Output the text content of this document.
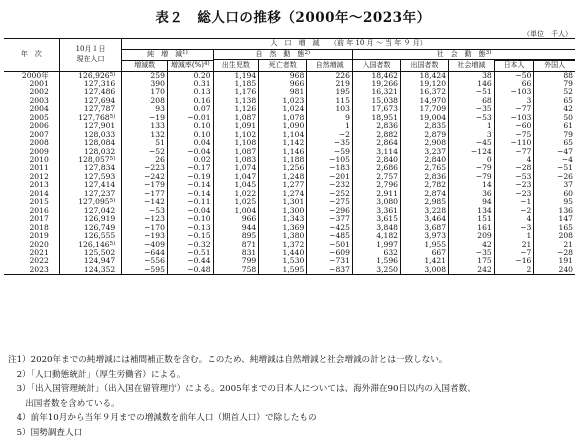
表２　総人口の推移（2000年～2023年）
（単位　千人）
年　次	10月１日
現在人口	人　口　増　減　　（前 年 10 月 ～ 当 年 ９ 月）									
		純　増　減$^{1)}$		自　然　動　態$^{2)}$			社　会　動　態$^{3)}$
				出生児数	死亡者数	自然増減	入国者数	出国者数	社会増減		
		増減数	増減率(%)$^{4)}$							日本人	外国人
2000年	126,926$^{5)}$	259	0.20	1,194	968	226	18,462	18,424	38	−50	88
2001	127,316	390	0.31	1,185	966	219	19,266	19,120	146	66	79
2002	127,486	170	0.13	1,176	981	195	16,321	16,372	−51	−103	52
2003	127,694	208	0.16	1,138	1,023	115	15,038	14,970	68	3	65
2004	127,787	93	0.07	1,126	1,024	103	17,673	17,709	−35	−77	42
2005	$127,768^{5)}$	−19	−0.01	1,087	1,078	9	18,951	19,004	−53	−103	50
2006	127,901	133	0.10	1,091	1,090	1	2,836	2,835	1	−60	61
2007	128,033	132	0.10	1,102	1,104	−2	2,882	2,879	3	−75	79
2008	128,084	51	0.04	1,108	1,142	−35	2,864	2,908	−45	−110	65
2009	128,032	−52	−0.04	1,087	1,146	−59	3,114	3,237	−124	−77	−47
2010	128,057$^{5)}$	26	0.02	1,083	1,188	−105	2,840	2,840	0	4	−4
2011	127,834	−223	−0.17	1,074	1,256	−183	2,686	2,765	−79	−28	−51
2012	127,593	−242	−0.19	1,047	1,248	−201	2,757	2,836	−79	−53	−26
2013	127,414	−179	−0.14	1,045	1,277	−232	2,796	2,782	14	−23	37
2014	127,237	−177	−0.14	1,022	1,274	−252	2,911	2,874	36	−23	60
2015	$127,095^{5)}$	−142	−0.11	1,025	1,301	−275	3,080	2,985	94	−1	95
2016	127,042	−53	−0.04	1,004	1,300	−296	3,361	3,228	134	−2	136
2017	126,919	−123	−0.10	966	1,343	−377	3,615	3,464	151	4	147
2018	126,749	−170	−0.13	944	1,369	−425	3,848	3,687	161	−3	165
2019	126,555	−193	−0.15	895	1,380	−485	4,182	3,973	209	1	208
2020	$126,146^{5)}$	−409	−0.32	871	1,372	−501	1,997	1,955	42	21	21
2021	125,502	−644	−0.51	831	1,440	−609	632	667	−35	−7	−28
2022	124,947	−556	−0.44	799	1,530	−731	1,596	1,421	175	−16	191
2023	124,352	−595	−0.48	758	1,595	−837	3,250	3,008	242	2	240
注1）2020年までの純増減には補間補正数を含む。このため、純増減は自然増減と社会増減の計とは一致しない。
　2）「人口動態統計」（厚生労働省）による。
　3）「出入国管理統計」（出入国在留管理庁）による。2005年までの日本人については、海外滞在90日以内の入国者数、
　　出国者数を含めている。
　4）前年10月から当年９月までの増減数を前年人口（期首人口）で除したもの
　5）国勢調査人口
